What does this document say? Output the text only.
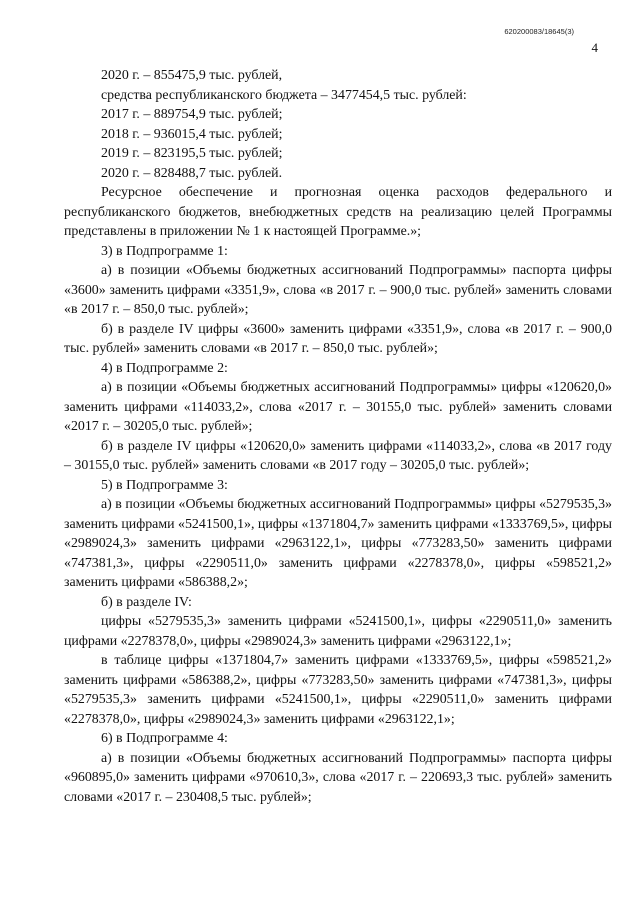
620200083/18645(3)
4

2020 г. – 855475,9 тыс. рублей,

средства республиканского бюджета – 3477454,5 тыс. рублей:

2017 г. – 889754,9 тыс. рублей;

2018 г. – 936015,4 тыс. рублей;

2019 г. – 823195,5 тыс. рублей;

2020 г. – 828488,7 тыс. рублей.

Ресурсное обеспечение и прогнозная оценка расходов федерального и республиканского бюджетов, внебюджетных средств на реализацию целей Программы представлены в приложении № 1 к настоящей Программе.»;

3) в Подпрограмме 1:

а) в позиции «Объемы бюджетных ассигнований Подпрограммы» паспорта цифры «3600» заменить цифрами «3351,9», слова «в 2017 г. – 900,0 тыс. рублей» заменить словами «в 2017 г. – 850,0 тыс. рублей»;

б) в разделе IV цифры «3600» заменить цифрами «3351,9», слова «в 2017 г. – 900,0 тыс. рублей» заменить словами «в 2017 г. – 850,0 тыс. рублей»;

4) в Подпрограмме 2:

а) в позиции «Объемы бюджетных ассигнований Подпрограммы» цифры «120620,0» заменить цифрами «114033,2», слова «2017 г. – 30155,0 тыс. рублей» заменить словами «2017 г. – 30205,0 тыс. рублей»;

б) в разделе IV цифры «120620,0» заменить цифрами «114033,2», слова «в 2017 году – 30155,0 тыс. рублей» заменить словами «в 2017 году – 30205,0 тыс. рублей»;

5) в Подпрограмме 3:

а) в позиции «Объемы бюджетных ассигнований Подпрограммы» цифры «5279535,3» заменить цифрами «5241500,1», цифры «1371804,7» заменить цифрами «1333769,5», цифры «2989024,3» заменить цифрами «2963122,1», цифры «773283,50» заменить цифрами «747381,3», цифры «2290511,0» заменить цифрами «2278378,0», цифры «598521,2» заменить цифрами «586388,2»;

б) в разделе IV:

цифры «5279535,3» заменить цифрами «5241500,1», цифры «2290511,0» заменить цифрами «2278378,0», цифры «2989024,3» заменить цифрами «2963122,1»;

в таблице цифры «1371804,7» заменить цифрами «1333769,5», цифры «598521,2» заменить цифрами «586388,2», цифры «773283,50» заменить цифрами «747381,3», цифры «5279535,3» заменить цифрами «5241500,1», цифры «2290511,0» заменить цифрами «2278378,0», цифры «2989024,3» заменить цифрами «2963122,1»;

6) в Подпрограмме 4:

а) в позиции «Объемы бюджетных ассигнований Подпрограммы» паспорта цифры «960895,0» заменить цифрами «970610,3», слова «2017 г. – 220693,3 тыс. рублей» заменить словами «2017 г. – 230408,5 тыс. рублей»;
